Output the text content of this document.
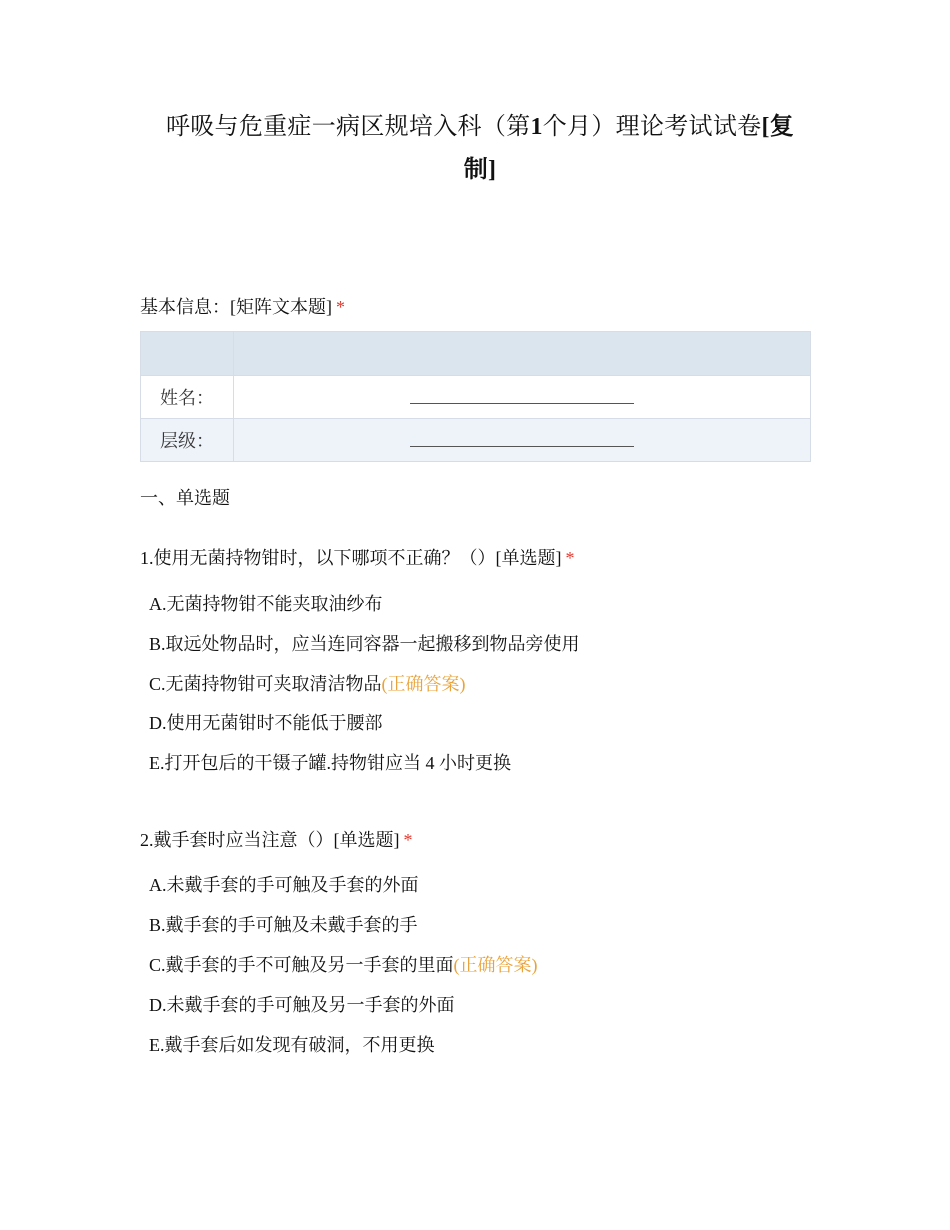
呼吸与危重症一病区规培入科（第1个月）理论考试试卷[复制]
基本信息：[矩阵文本题] *

姓名：	
层级：	
一、单选题
1.使用无菌持物钳时，以下哪项不正确？（）[单选题] *
A.无菌持物钳不能夹取油纱布
B.取远处物品时，应当连同容器一起搬移到物品旁使用
C.无菌持物钳可夹取清洁物品(正确答案)
D.使用无菌钳时不能低于腰部
E.打开包后的干镊子罐.持物钳应当 4 小时更换
2.戴手套时应当注意（）[单选题] *
A.未戴手套的手可触及手套的外面
B.戴手套的手可触及未戴手套的手
C.戴手套的手不可触及另一手套的里面(正确答案)
D.未戴手套的手可触及另一手套的外面
E.戴手套后如发现有破洞，不用更换
